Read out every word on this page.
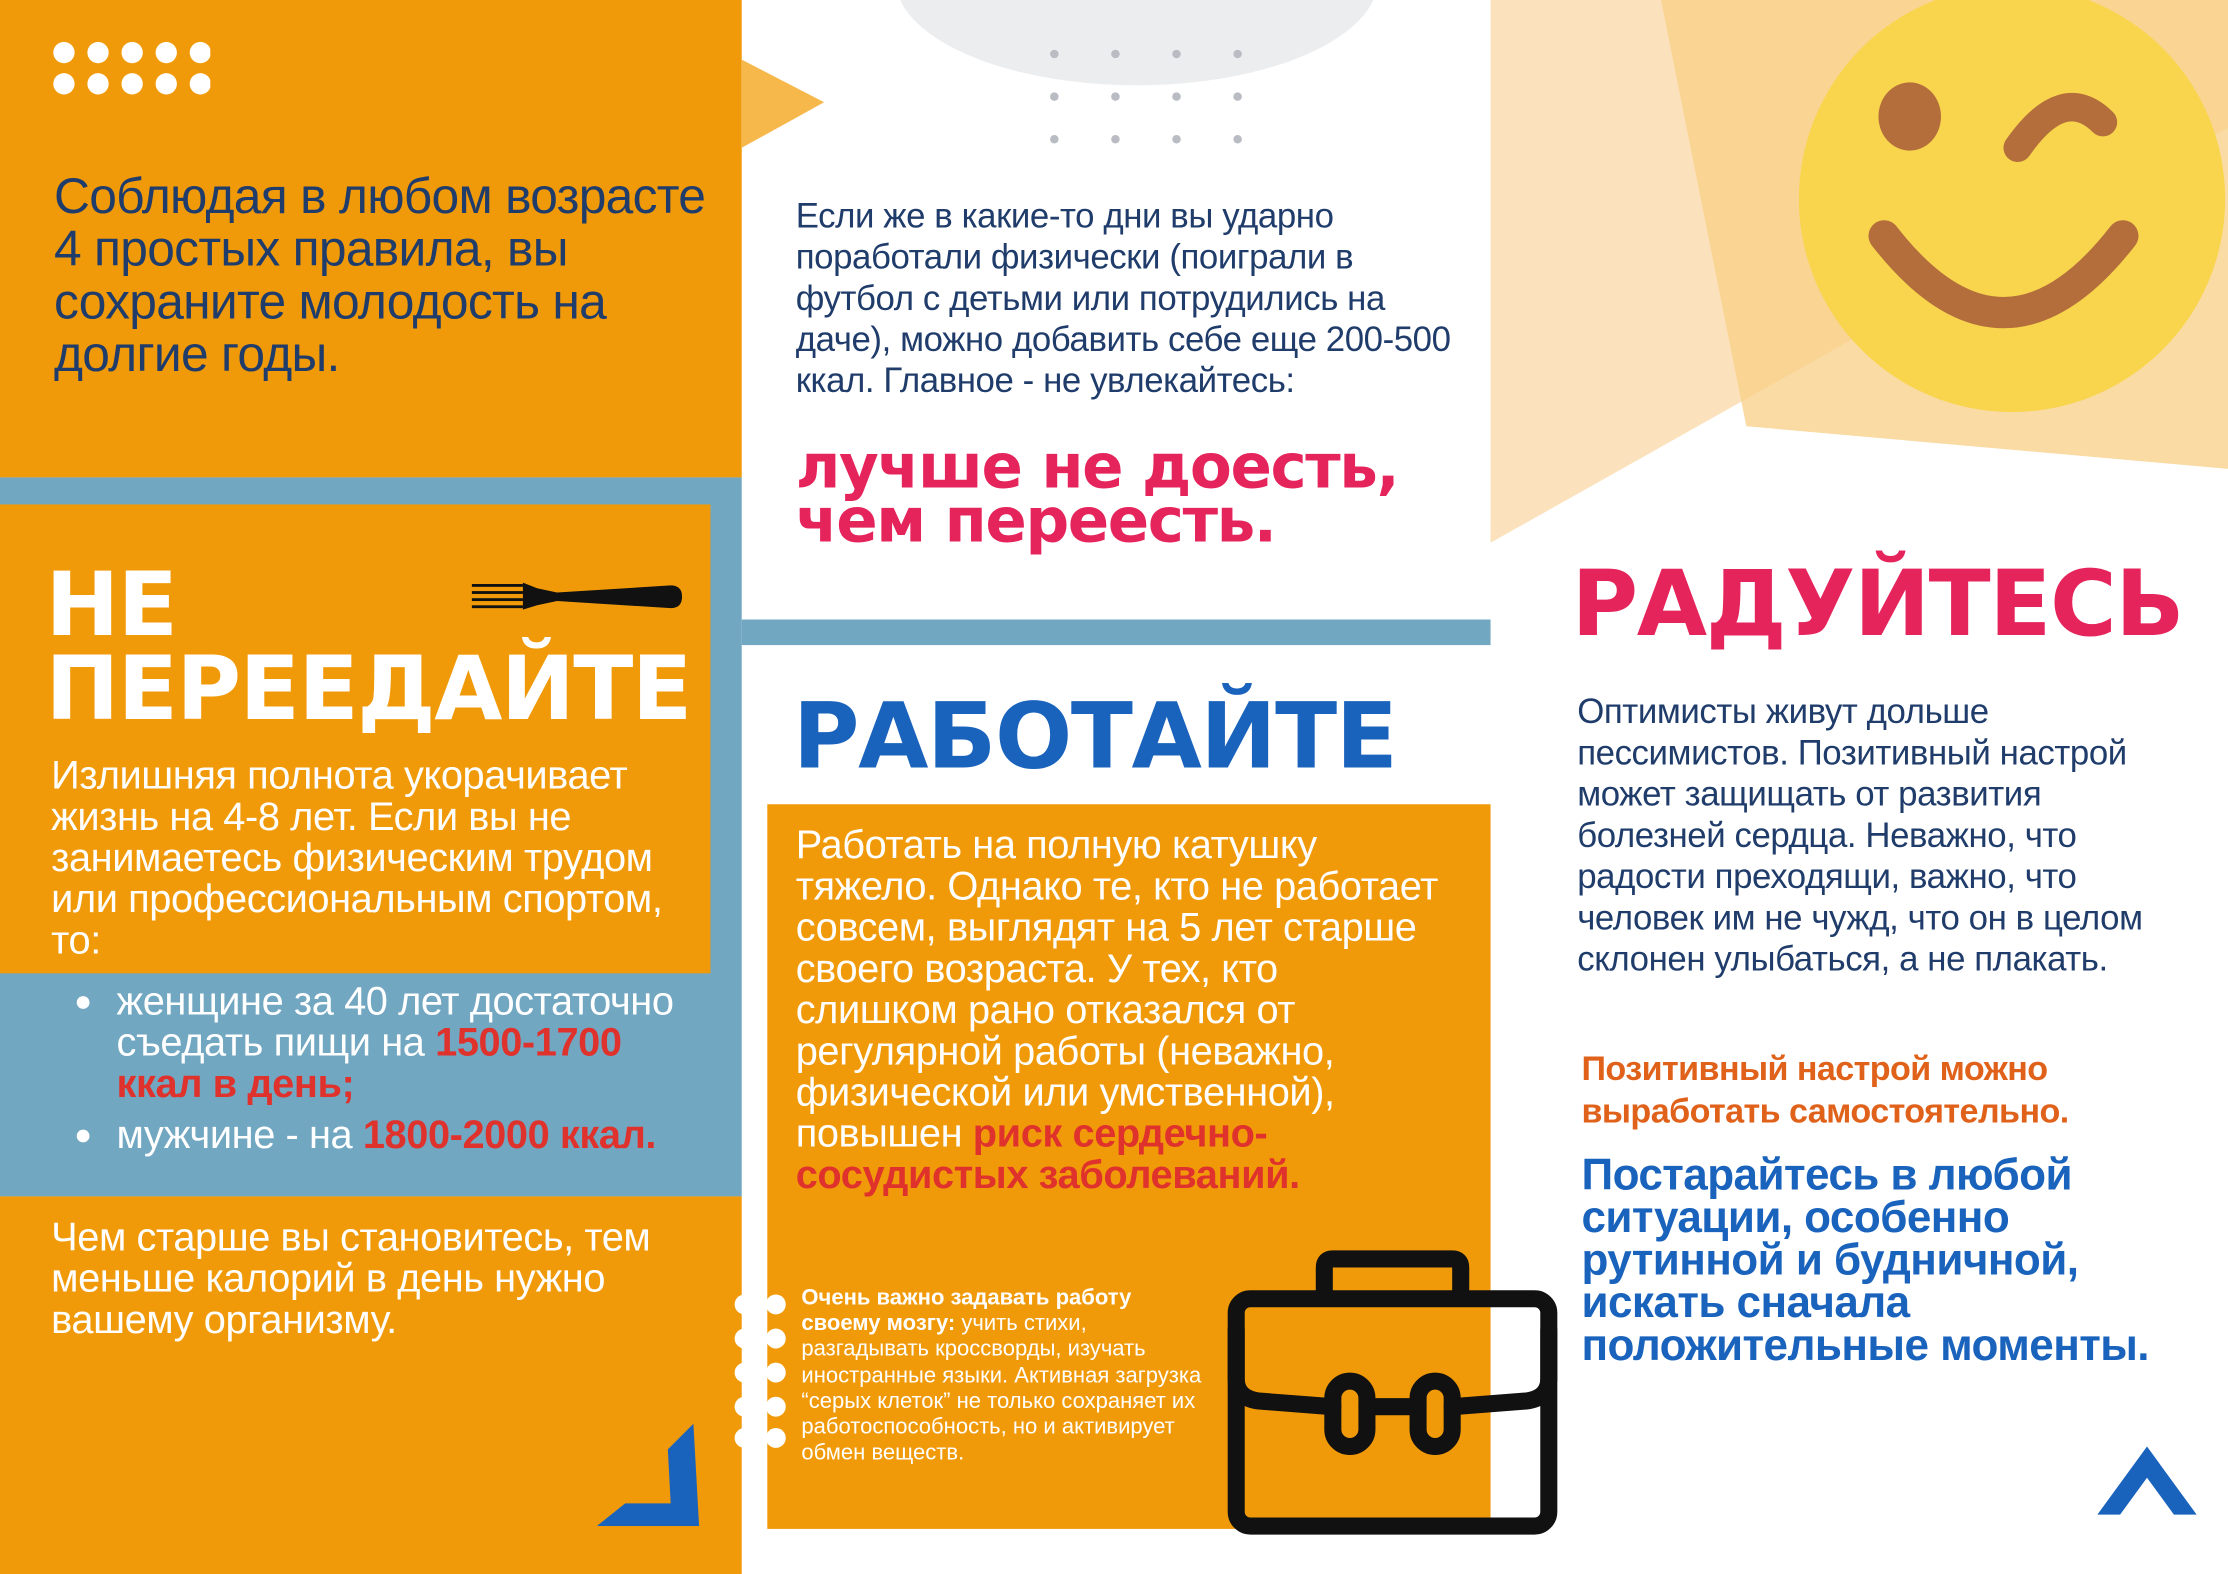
Соблюдая в любом возрасте 4 простых правила, вы сохраните молодость на долгие годы.

НЕ
ПЕРЕЕДАЙТЕ

Излишняя полнота укорачивает жизнь на 4-8 лет. Если вы не занимаетесь физическим трудом или профессиональным спортом, то:

женщине за 40 лет достаточно съедать пищи на 1500-1700 ккал в день;
мужчине - на 1800-2000 ккал.

Чем старше вы становитесь, тем меньше калорий в день нужно вашему организму.

Если же в какие-то дни вы ударно поработали физически (поиграли в футбол с детьми или потрудились на даче), можно добавить себе еще 200-500 ккал. Главное - не увлекайтесь:

лучше не доесть, чем переесть.

РАБОТАЙТЕ

Работать на полную катушку тяжело. Однако те, кто не работает совсем, выглядят на 5 лет старше своего возраста. У тех, кто слишком рано отказался от регулярной работы (неважно, физической или умственной), повышен риск сердечно-сосудистых заболеваний.

Очень важно задавать работу своему мозгу: учить стихи, разгадывать кроссворды, изучать иностранные языки. Активная загрузка “серых клеток” не только сохраняет их работоспособность, но и активирует обмен веществ.

РАДУЙТЕСЬ

Оптимисты живут дольше пессимистов. Позитивный настрой может защищать от развития болезней сердца. Неважно, что радости преходящи, важно, что человек им не чужд, что он в целом склонен улыбаться, а не плакать.

Позитивный настрой можно выработать самостоятельно.

Постарайтесь в любой ситуации, особенно рутинной и будничной, искать сначала положительные моменты.
